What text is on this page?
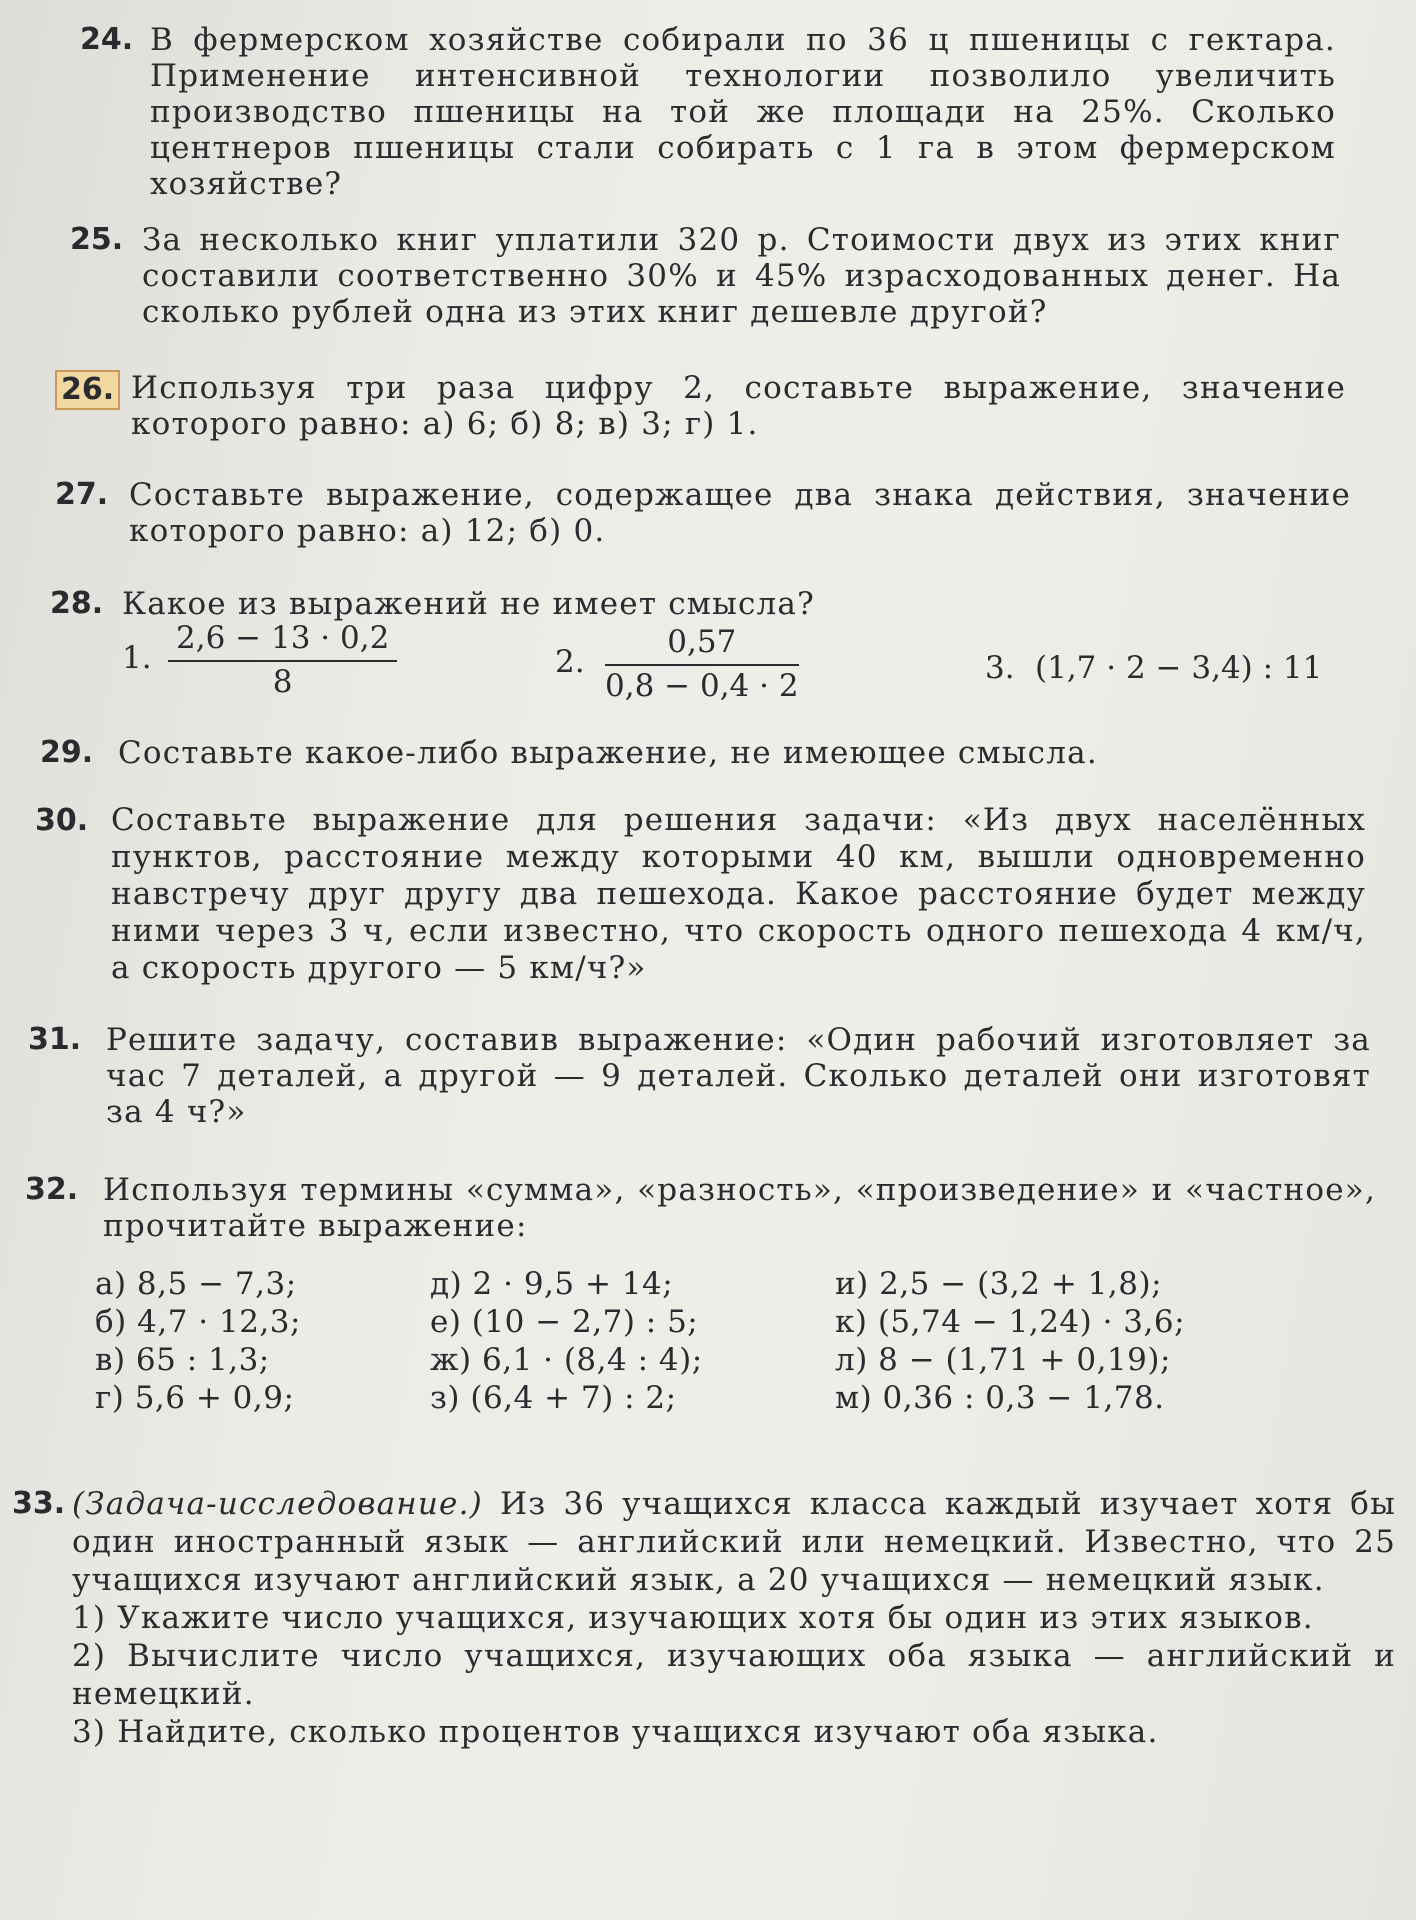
24. В фермерском хозяйстве собирали по 36 ц пшеницы с гектара. Применение интенсивной технологии позволило увеличить производство пшеницы на той же площади на 25%. Сколько центнеров пшеницы стали собирать с 1 га в этом фермерском хозяйстве?
25. За несколько книг уплатили 320 р. Стоимости двух из этих книг составили соответственно 30% и 45% израсходованных денег. На сколько рублей одна из этих книг дешевле другой?
26. Используя три раза цифру 2, составьте выражение, значение которого равно: а) 6; б) 8; в) 3; г) 1.
27. Составьте выражение, содержащее два знака действия, значение которого равно: а) 12; б) 0.
28. Какое из выражений не имеет смысла?
1. $\frac{2,6 - 13 \cdot 0,2}{8}$	2. $\frac{0,57}{0,8 - 0,4 \cdot 2}$	3. (1,7 · 2 − 3,4) : 11
29. Составьте какое-либо выражение, не имеющее смысла.
30. Составьте выражение для решения задачи: «Из двух населённых пунктов, расстояние между которыми 40 км, вышли одновременно навстречу друг другу два пешехода. Какое расстояние будет между ними через 3 ч, если известно, что скорость одного пешехода 4 км/ч, а скорость другого — 5 км/ч?»
31. Решите задачу, составив выражение: «Один рабочий изготовляет за час 7 деталей, а другой — 9 деталей. Сколько деталей они изготовят за 4 ч?»
32. Используя термины «сумма», «разность», «произведение» и «частное», прочитайте выражение:
а) 8,5 − 7,3;
б) 4,7 · 12,3;
в) 65 : 1,3;
г) 5,6 + 0,9;
д) 2 · 9,5 + 14;
е) (10 − 2,7) : 5;
ж) 6,1 · (8,4 : 4);
з) (6,4 + 7) : 2;
и) 2,5 − (3,2 + 1,8);
к) (5,74 − 1,24) · 3,6;
л) 8 − (1,71 + 0,19);
м) 0,36 : 0,3 − 1,78.
33. (Задача-исследование.) Из 36 учащихся класса каждый изучает хотя бы один иностранный язык — английский или немецкий. Известно, что 25 учащихся изучают английский язык, а 20 учащихся — немецкий язык.
1) Укажите число учащихся, изучающих хотя бы один из этих языков.
2) Вычислите число учащихся, изучающих оба языка — английский и немецкий.
3) Найдите, сколько процентов учащихся изучают оба языка.
